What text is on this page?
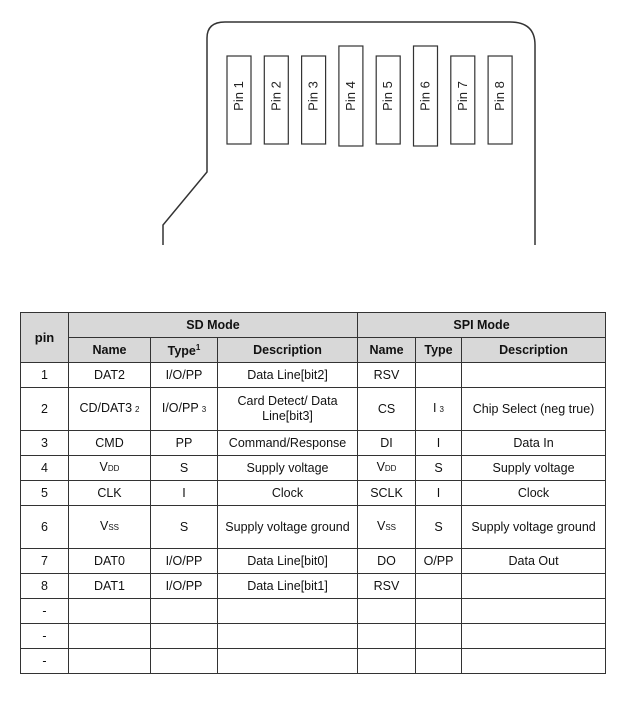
Pin 1 Pin 2 Pin 3 Pin 4 Pin 5 Pin 6 Pin 7 Pin 8
pin	SD Mode			SPI Mode		
	Name	Type$^1$	Description	Name	Type	Description
1	DAT2	I/O/PP	Data Line[bit2]	RSV		
2	CD/DAT3 2	I/O/PP 3	Card Detect/ Data Line[bit3]	CS	I 3	Chip Select (neg true)
3	CMD	PP	Command/Response	DI	I	Data In
4	VDD	S	Supply voltage	VDD	S	Supply voltage
5	CLK	I	Clock	SCLK	I	Clock
6	VSS	S	Supply voltage ground	VSS	S	Supply voltage ground
7	DAT0	I/O/PP	Data Line[bit0]	DO	O/PP	Data Out
8	DAT1	I/O/PP	Data Line[bit1]	RSV		
-						
-						
-						
